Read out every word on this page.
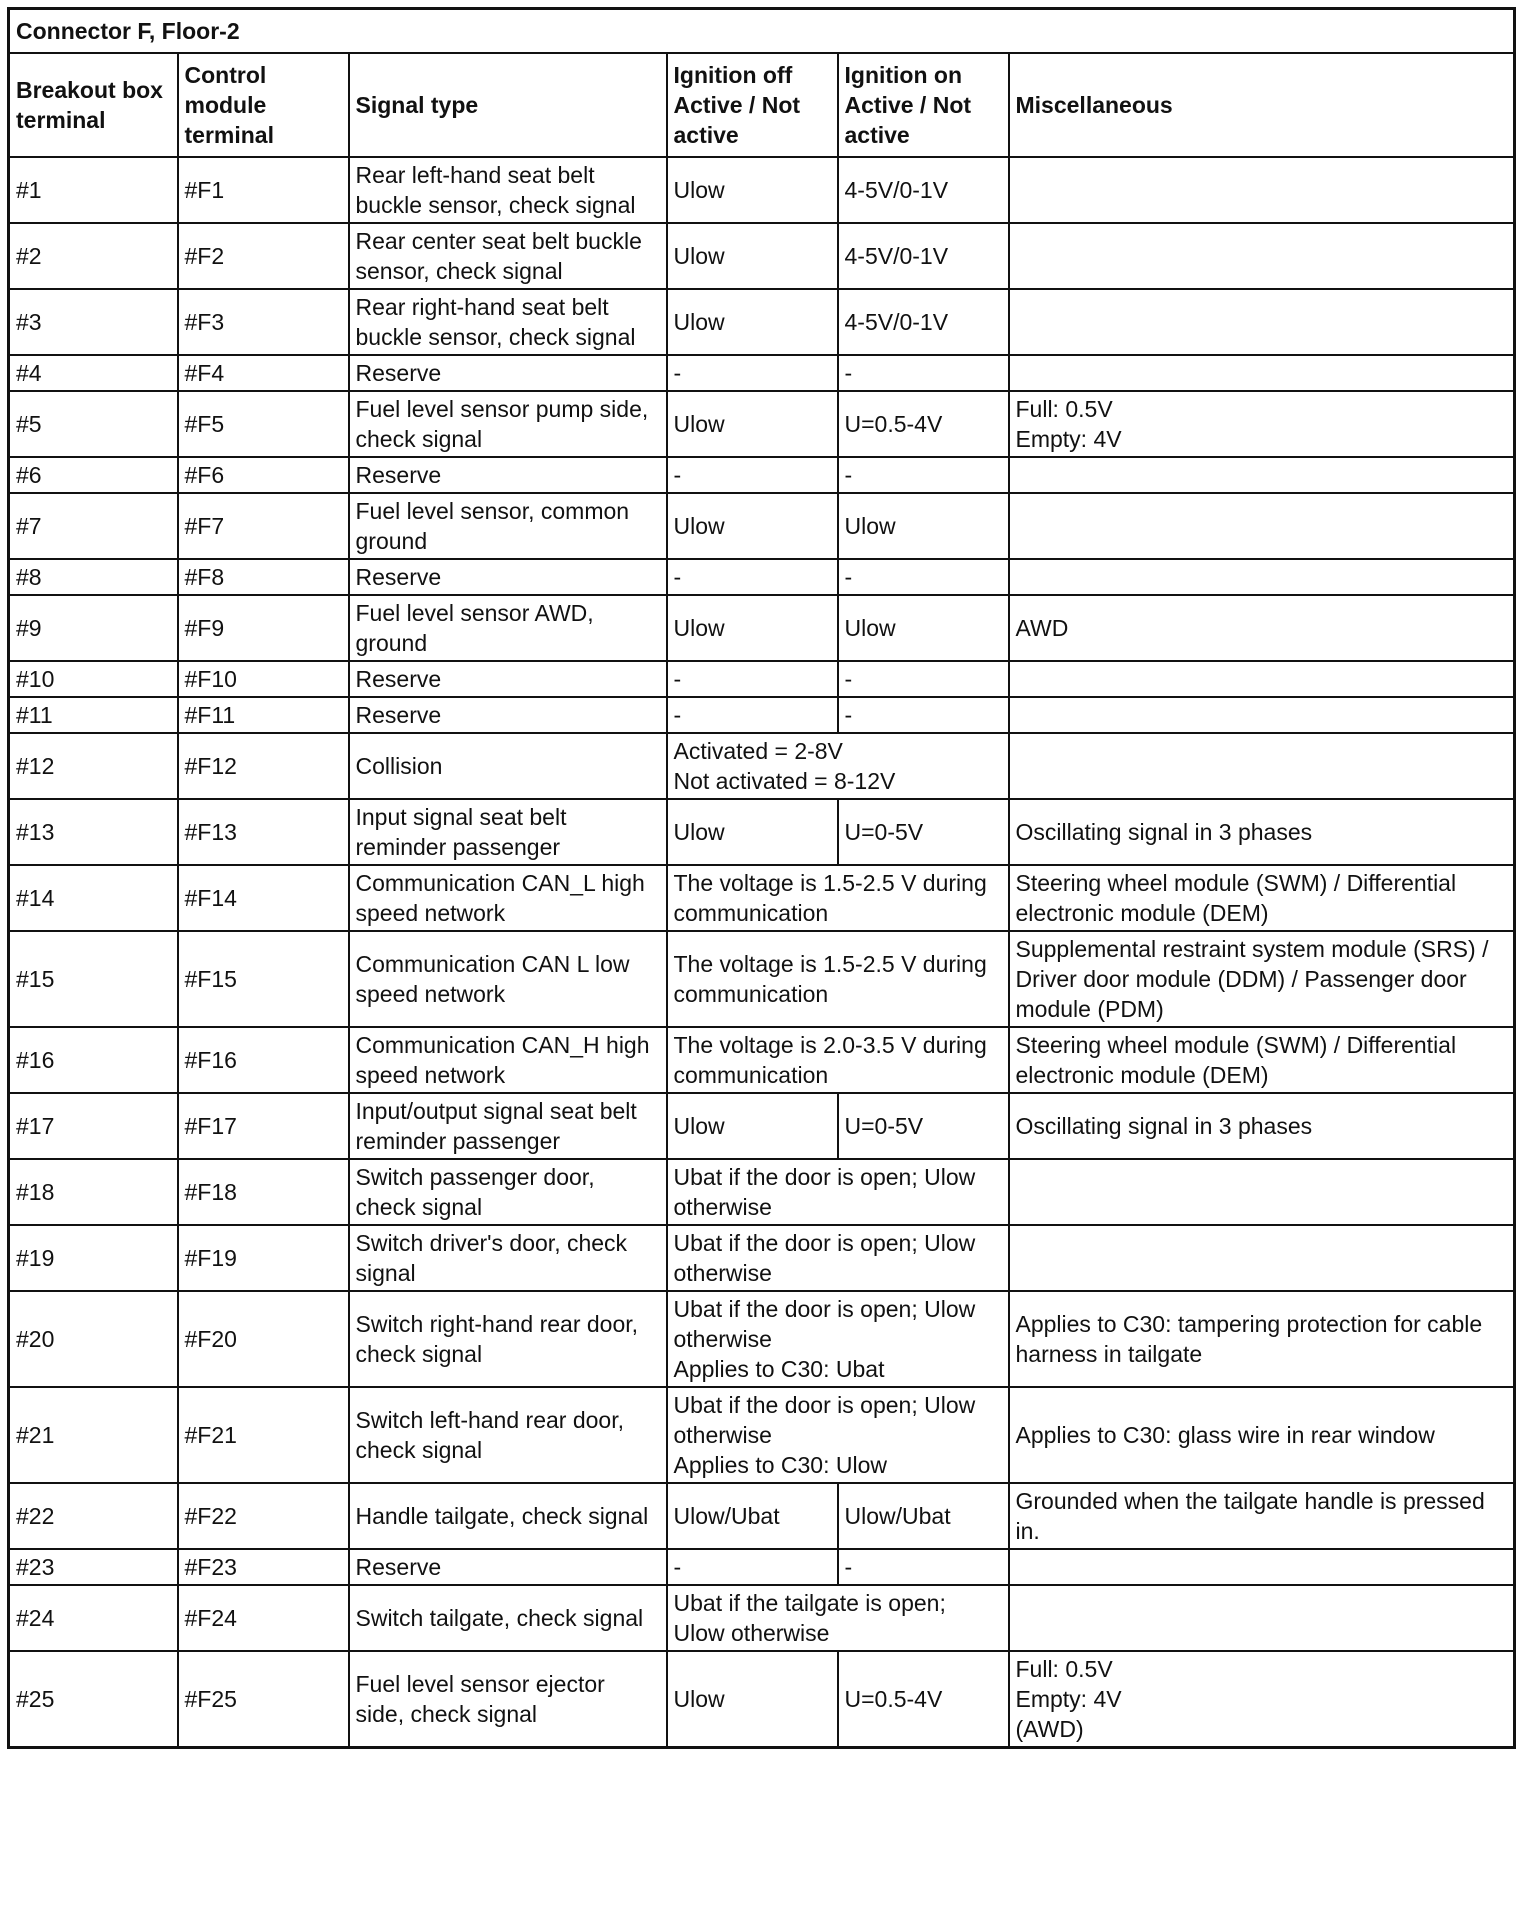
Connector F, Floor-2					
Breakout box terminal	Control module terminal	Signal type	Ignition off Active / Not active	Ignition on Active / Not active	Miscellaneous
#1	#F1	Rear left-hand seat belt buckle sensor, check signal	Ulow	4-5V/0-1V	
#2	#F2	Rear center seat belt buckle sensor, check signal	Ulow	4-5V/0-1V	
#3	#F3	Rear right-hand seat belt buckle sensor, check signal	Ulow	4-5V/0-1V	
#4	#F4	Reserve	-	-	
#5	#F5	Fuel level sensor pump side, check signal	Ulow	U=0.5-4V	Full: 0.5V
Empty: 4V
#6	#F6	Reserve	-	-	
#7	#F7	Fuel level sensor, common ground	Ulow	Ulow	
#8	#F8	Reserve	-	-	
#9	#F9	Fuel level sensor AWD, ground	Ulow	Ulow	AWD
#10	#F10	Reserve	-	-	
#11	#F11	Reserve	-	-	
#12	#F12	Collision	Activated = 2-8V
Not activated = 8-12V		
#13	#F13	Input signal seat belt reminder passenger	Ulow	U=0-5V	Oscillating signal in 3 phases
#14	#F14	Communication CAN_L high speed network	The voltage is 1.5-2.5 V during communication		Steering wheel module (SWM) / Differential electronic module (DEM)
#15	#F15	Communication CAN L low speed network	The voltage is 1.5-2.5 V during communication		Supplemental restraint system module (SRS) / Driver door module (DDM) / Passenger door module (PDM)
#16	#F16	Communication CAN_H high speed network	The voltage is 2.0-3.5 V during communication		Steering wheel module (SWM) / Differential electronic module (DEM)
#17	#F17	Input/output signal seat belt reminder passenger	Ulow	U=0-5V	Oscillating signal in 3 phases
#18	#F18	Switch passenger door, check signal	Ubat if the door is open; Ulow otherwise		
#19	#F19	Switch driver's door, check signal	Ubat if the door is open; Ulow otherwise		
#20	#F20	Switch right-hand rear door, check signal	Ubat if the door is open; Ulow otherwise
Applies to C30: Ubat		Applies to C30: tampering protection for cable harness in tailgate
#21	#F21	Switch left-hand rear door, check signal	Ubat if the door is open; Ulow otherwise
Applies to C30: Ulow		Applies to C30: glass wire in rear window
#22	#F22	Handle tailgate, check signal	Ulow/Ubat	Ulow/Ubat	Grounded when the tailgate handle is pressed in.
#23	#F23	Reserve	-	-	
#24	#F24	Switch tailgate, check signal	Ubat if the tailgate is open; Ulow otherwise		
#25	#F25	Fuel level sensor ejector side, check signal	Ulow	U=0.5-4V	Full: 0.5V
Empty: 4V
(AWD)
